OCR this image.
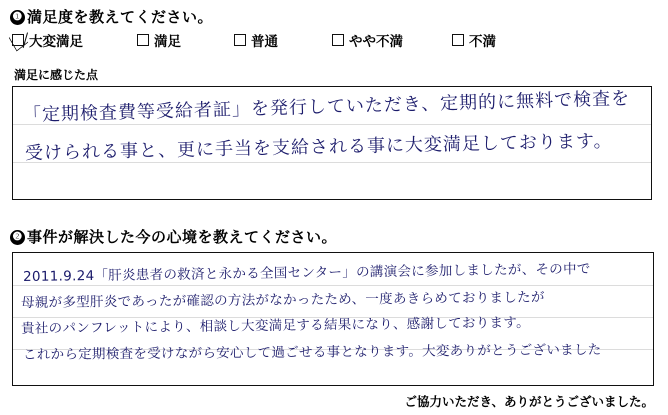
❶ 満足度を教えてください。
大変満足	満足	普通	やや不満	不満
満足に感じた点
「定期検査費等受給者証」を発行していただき、定期的に無料で検査を
受けられる事と、更に手当を支給される事に大変満足しております。
❷ 事件が解決した今の心境を教えてください。
2011.9.24「肝炎患者の救済と永かる全国センター」の講演会に参加しましたが、その中で
母親が多型肝炎であったが確認の方法がなかったため、一度あきらめておりましたが
貴社のパンフレットにより、相談し大変満足する結果になり、感謝しております。
これから定期検査を受けながら安心して過ごせる事となります。大変ありがとうございました
ご協力いただき、ありがとうございました。
